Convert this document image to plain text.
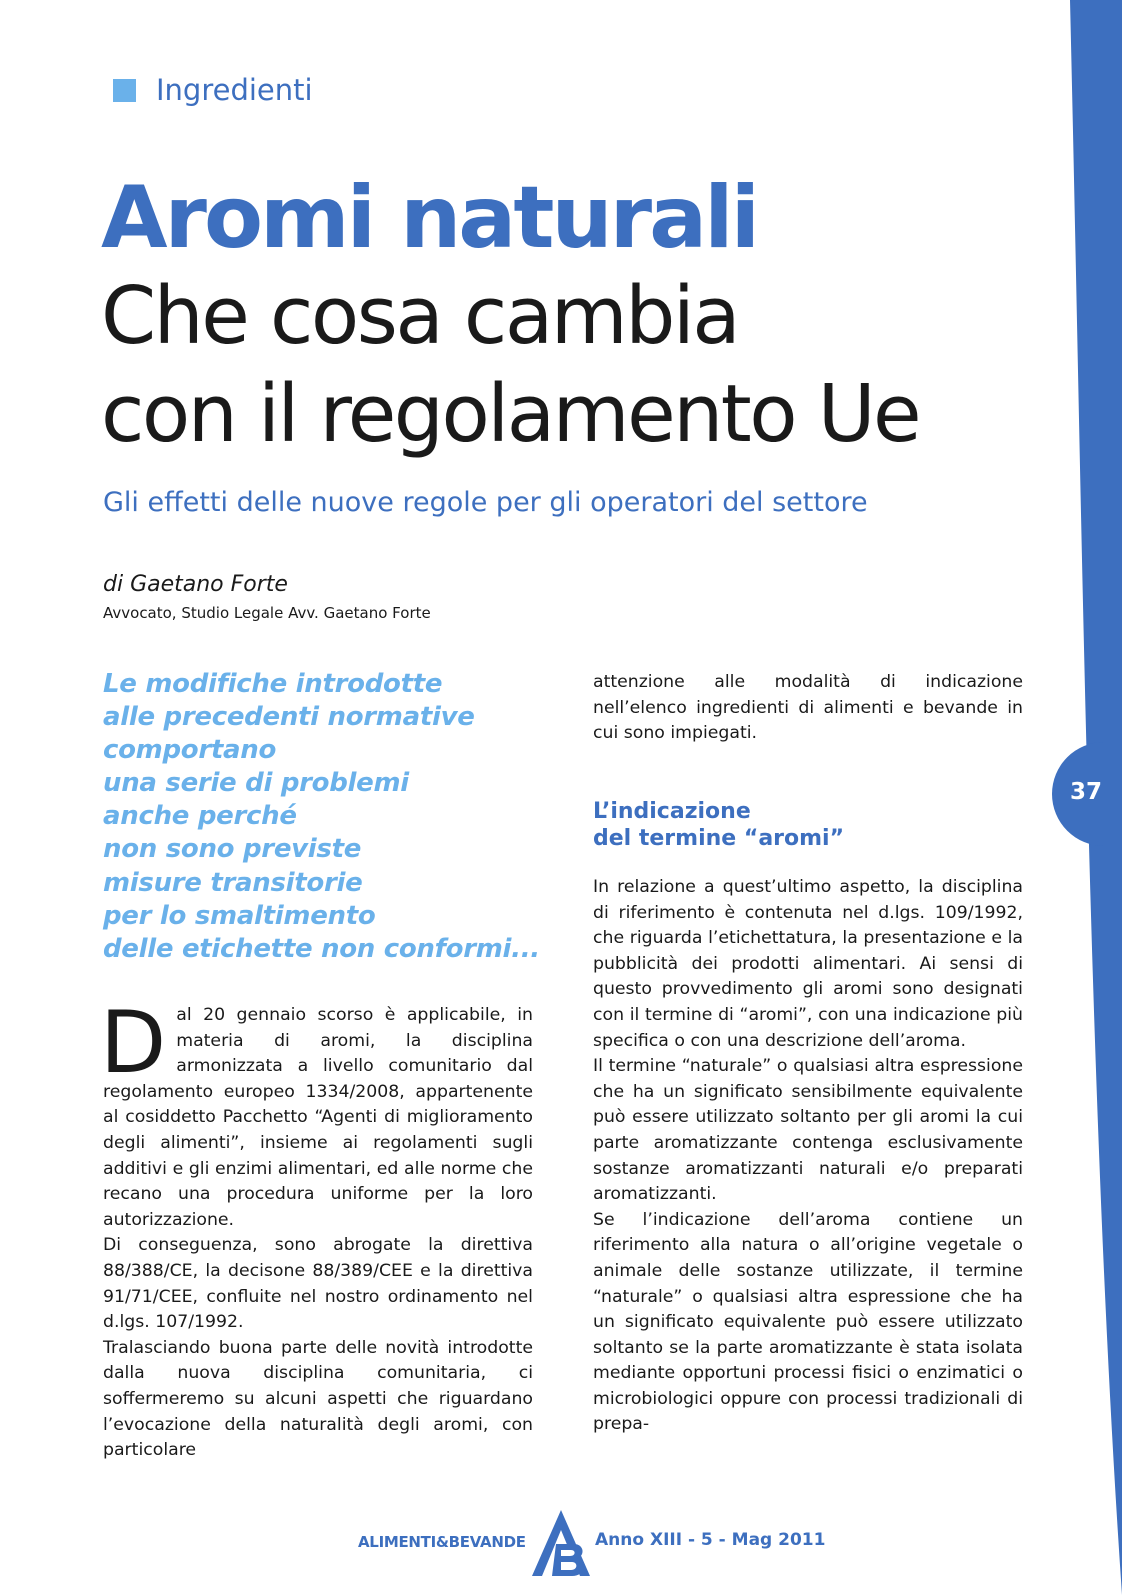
37
Ingredienti
Aromi naturali
Che cosa cambia
con il regolamento Ue
Gli effetti delle nuove regole per gli operatori del settore
di Gaetano Forte
Avvocato, Studio Legale Avv. Gaetano Forte
Le modifiche introdotte
alle precedenti normative
comportano
una serie di problemi
anche perché
non sono previste
misure transitorie
per lo smaltimento
delle etichette non conformi...

Dal 20 gennaio scorso è applicabile, in materia di aromi, la disciplina armonizzata a livello comunitario dal regolamento europeo 1334/2008, appartenente al cosiddetto Pacchetto “Agenti di miglioramento degli alimenti”, insieme ai regolamenti sugli additivi e gli enzimi alimentari, ed alle norme che recano una procedura uniforme per la loro autorizzazione.

Di conseguenza, sono abrogate la direttiva 88/388/CE, la decisone 88/389/CEE e la direttiva 91/71/CEE, confluite nel nostro ordinamento nel d.lgs. 107/1992.

Tralasciando buona parte delle novità introdotte dalla nuova disciplina comunitaria, ci soffermeremo su alcuni aspetti che riguardano l’evocazione della naturalità degli aromi, con particolare

attenzione alle modalità di indicazione nell’elenco ingredienti di alimenti e bevande in cui sono impiegati.

L’indicazione
del termine “aromi”

In relazione a quest’ultimo aspetto, la disciplina di riferimento è contenuta nel d.lgs. 109/1992, che riguarda l’etichettatura, la presentazione e la pubblicità dei prodotti alimentari. Ai sensi di questo provvedimento gli aromi sono designati con il termine di “aromi”, con una indicazione più specifica o con una descrizione dell’aroma.

Il termine “naturale” o qualsiasi altra espressione che ha un significato sensibilmente equivalente può essere utilizzato soltanto per gli aromi la cui parte aromatizzante contenga esclusivamente sostanze aromatizzanti naturali e/o preparati aromatizzanti.

Se l’indicazione dell’aroma contiene un riferimento alla natura o all’origine vegetale o animale delle sostanze utilizzate, il termine “naturale” o qualsiasi altra espressione che ha un significato equivalente può essere utilizzato soltanto se la parte aromatizzante è stata isolata mediante opportuni processi fisici o enzimatici o microbiologici oppure con processi tradizionali di prepa-

ALIMENTI&BEVANDE	Anno XIII - 5 - Mag 2011
